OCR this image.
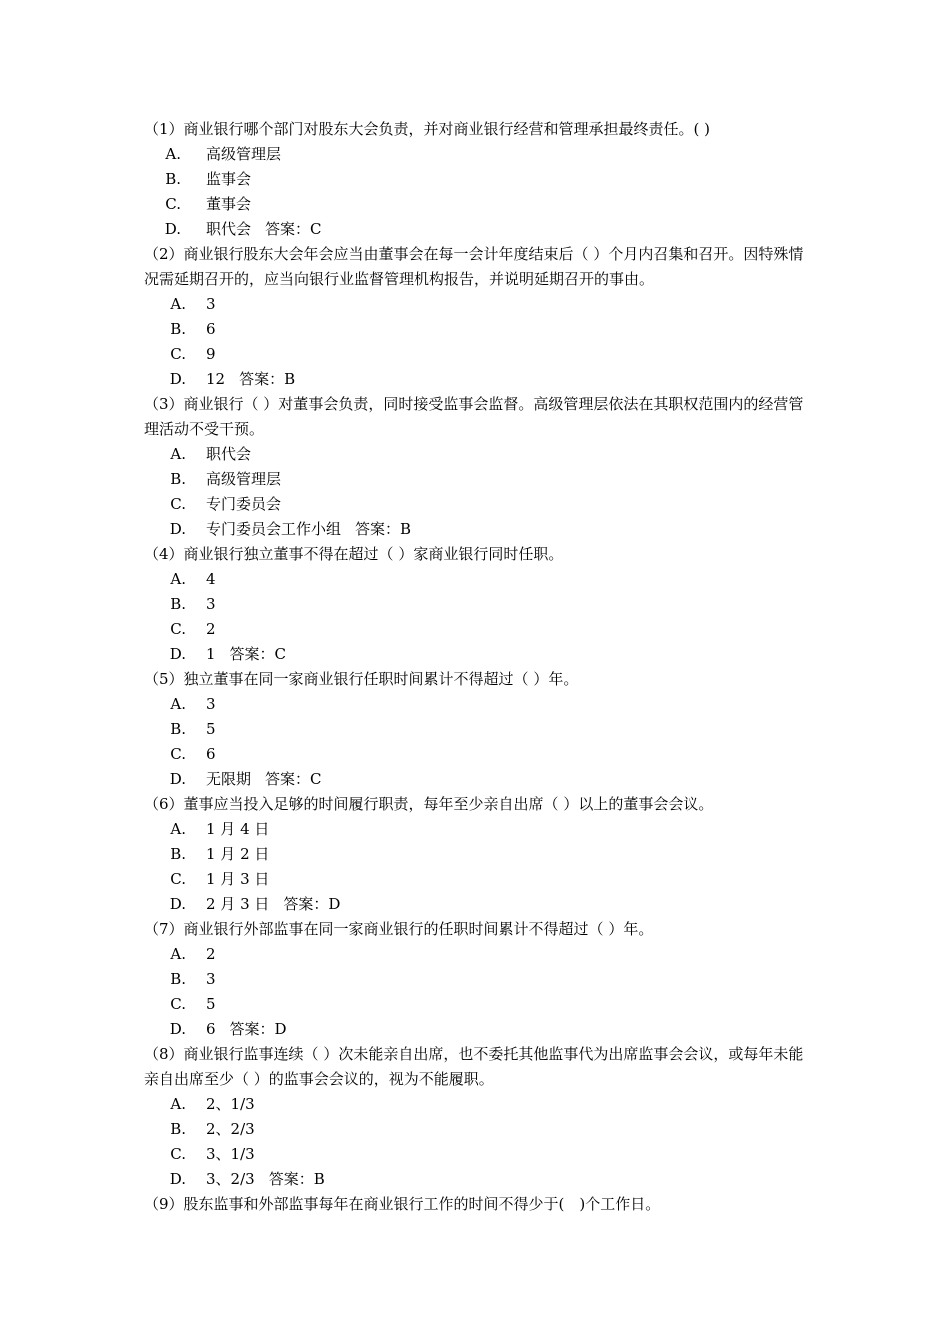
（1）商业银行哪个部门对股东大会负责，并对商业银行经营和管理承担最终责任。( )

A.	高级管理层
B.	监事会
C.	董事会
D.	职代会 答案：C

（2）商业银行股东大会年会应当由董事会在每一会计年度结束后（ ）个月内召集和召开。因特殊情况需延期召开的，应当向银行业监督管理机构报告，并说明延期召开的事由。

A.	3
B.	6
C.	9
D.	12 答案：B

（3）商业银行（ ）对董事会负责，同时接受监事会监督。高级管理层依法在其职权范围内的经营管理活动不受干预。

A.	职代会
B.	高级管理层
C.	专门委员会
D.	专门委员会工作小组 答案：B

（4）商业银行独立董事不得在超过（ ）家商业银行同时任职。

A.	4
B.	3
C.	2
D.	1 答案：C

（5）独立董事在同一家商业银行任职时间累计不得超过（ ）年。

A.	3
B.	5
C.	6
D.	无限期 答案：C

（6）董事应当投入足够的时间履行职责，每年至少亲自出席（ ）以上的董事会会议。

A.	1 月 4 日
B.	1 月 2 日
C.	1 月 3 日
D.	2 月 3 日 答案：D

（7）商业银行外部监事在同一家商业银行的任职时间累计不得超过（ ）年。

A.	2
B.	3
C.	5
D.	6 答案：D

（8）商业银行监事连续（ ）次未能亲自出席，也不委托其他监事代为出席监事会会议，或每年未能亲自出席至少（ ）的监事会会议的，视为不能履职。

A.	2、1/3
B.	2、2/3
C.	3、1/3
D.	3、2/3 答案：B

（9）股东监事和外部监事每年在商业银行工作的时间不得少于(　)个工作日。
